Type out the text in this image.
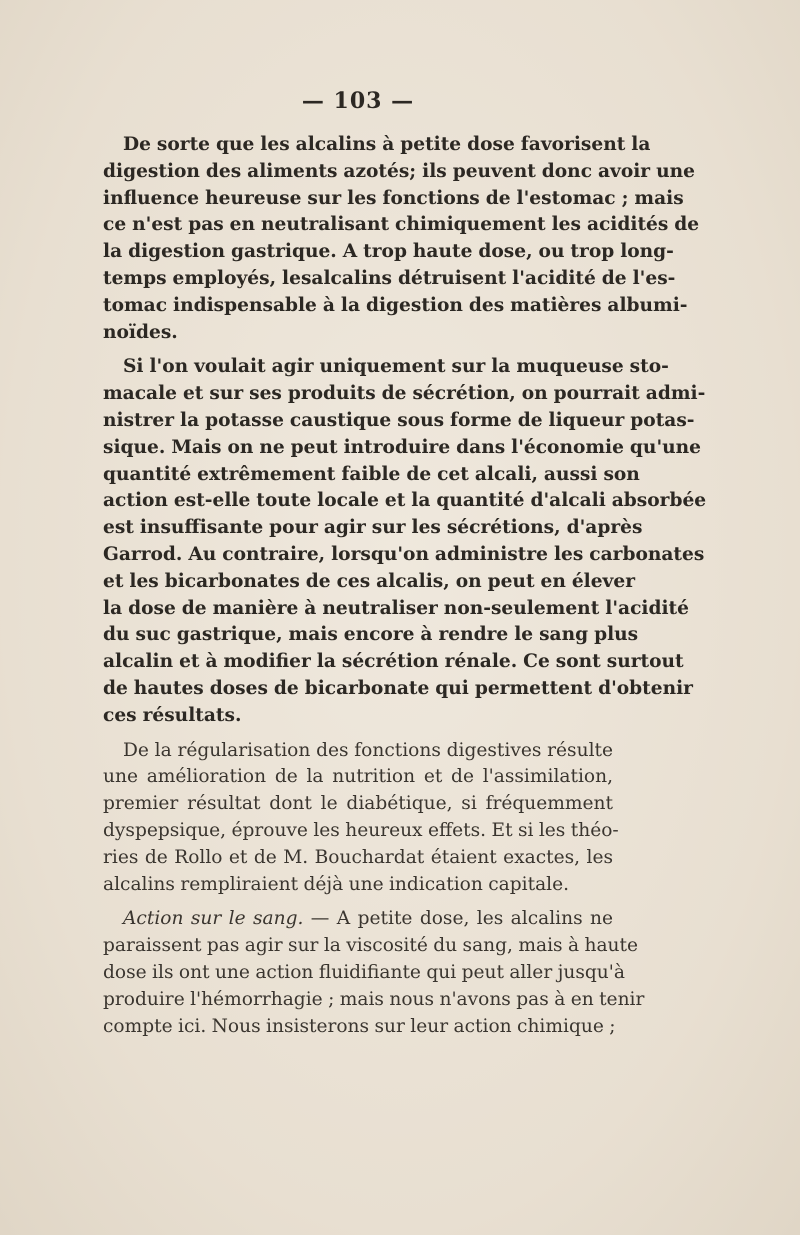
— 103 —

De sorte que les alcalins à petite dose favorisent la
digestion des aliments azotés; ils peuvent donc avoir une
influence heureuse sur les fonctions de l'estomac ; mais
ce n'est pas en neutralisant chimiquement les acidités de
la digestion gastrique. A trop haute dose, ou trop long-
temps employés, lesalcalins détruisent l'acidité de l'es-
tomac indispensable à la digestion des matières albumi-
noïdes.

Si l'on voulait agir uniquement sur la muqueuse sto-
macale et sur ses produits de sécrétion, on pourrait admi-
nistrer la potasse caustique sous forme de liqueur potas-
sique. Mais on ne peut introduire dans l'économie qu'une
quantité extrêmement faible de cet alcali, aussi son
action est-elle toute locale et la quantité d'alcali absorbée
est insuffisante pour agir sur les sécrétions, d'après
Garrod. Au contraire, lorsqu'on administre les carbonates
et les bicarbonates de ces alcalis, on peut en élever
la dose de manière à neutraliser non-seulement l'acidité
du suc gastrique, mais encore à rendre le sang plus
alcalin et à modifier la sécrétion rénale. Ce sont surtout
de hautes doses de bicarbonate qui permettent d'obtenir
ces résultats.

De la régularisation des fonctions digestives résulte
une amélioration de la nutrition et de l'assimilation,
premier résultat dont le diabétique, si fréquemment
dyspepsique, éprouve les heureux effets. Et si les théo-
ries de Rollo et de M. Bouchardat étaient exactes, les
alcalins rempliraient déjà une indication capitale.

Action sur le sang. — A petite dose, les alcalins ne
paraissent pas agir sur la viscosité du sang, mais à haute
dose ils ont une action fluidifiante qui peut aller jusqu'à
produire l'hémorrhagie ; mais nous n'avons pas à en tenir
compte ici. Nous insisterons sur leur action chimique ;
